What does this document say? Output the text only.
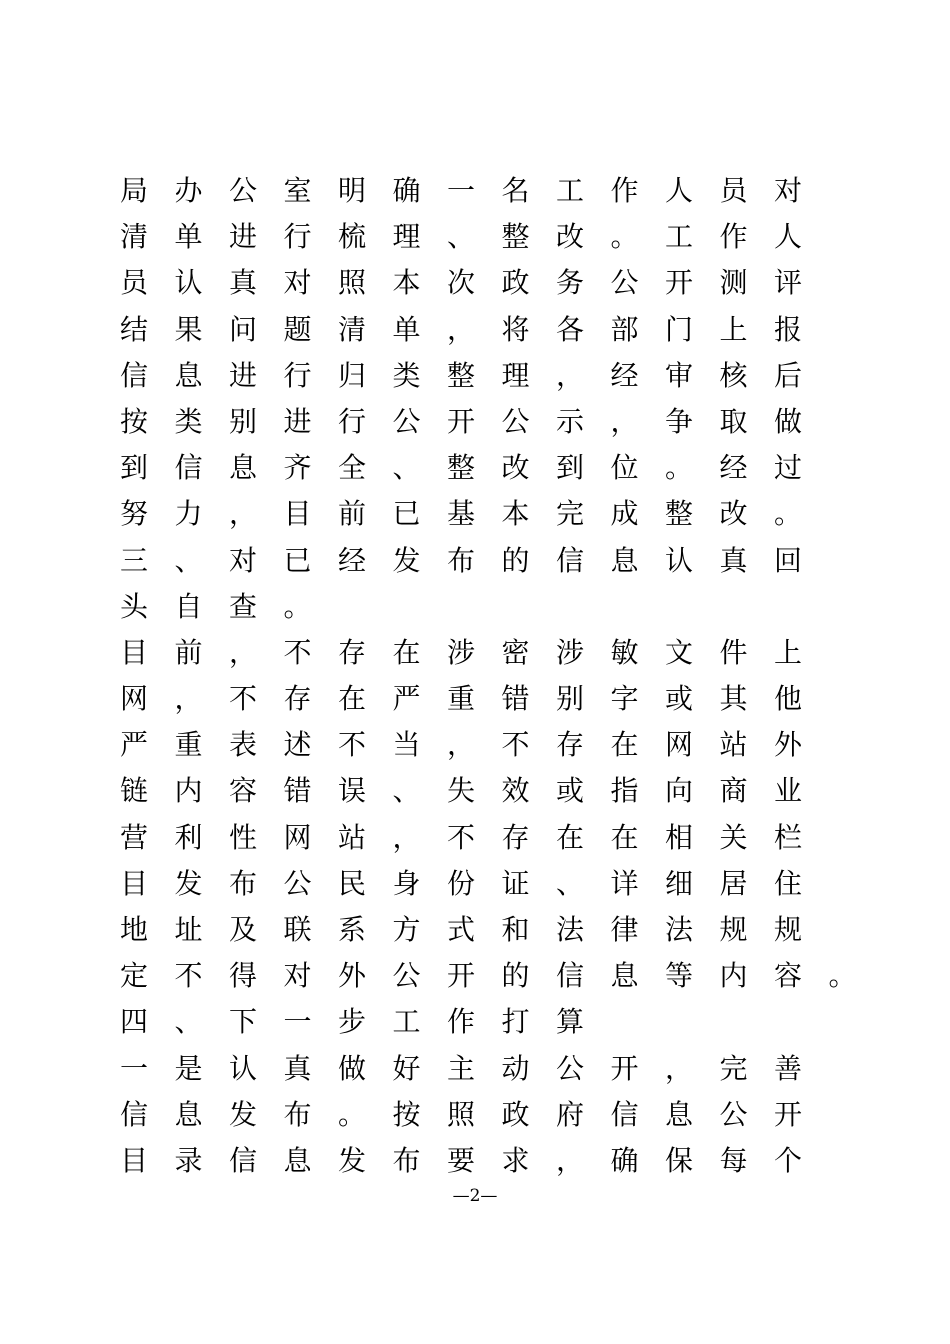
局办公室明确一名工作人员对
清单进行梳理、整改。工作人
员认真对照本次政务公开测评
结果问题清单，将各部门上报
信息进行归类整理，经审核后
按类别进行公开公示，争取做
到信息齐全、整改到位。经过
努力，目前已基本完成整改。
三、对已经发布的信息认真回
头自查。
目前，不存在涉密涉敏文件上
网，不存在严重错别字或其他
严重表述不当，不存在网站外
链内容错误、失效或指向商业
营利性网站，不存在在相关栏
目发布公民身份证、详细居住
地址及联系方式和法律法规规
定不得对外公开的信息等内容。
四、下一步工作打算
一是认真做好主动公开，完善
信息发布。按照政府信息公开
目录信息发布要求，确保每个
—2—
